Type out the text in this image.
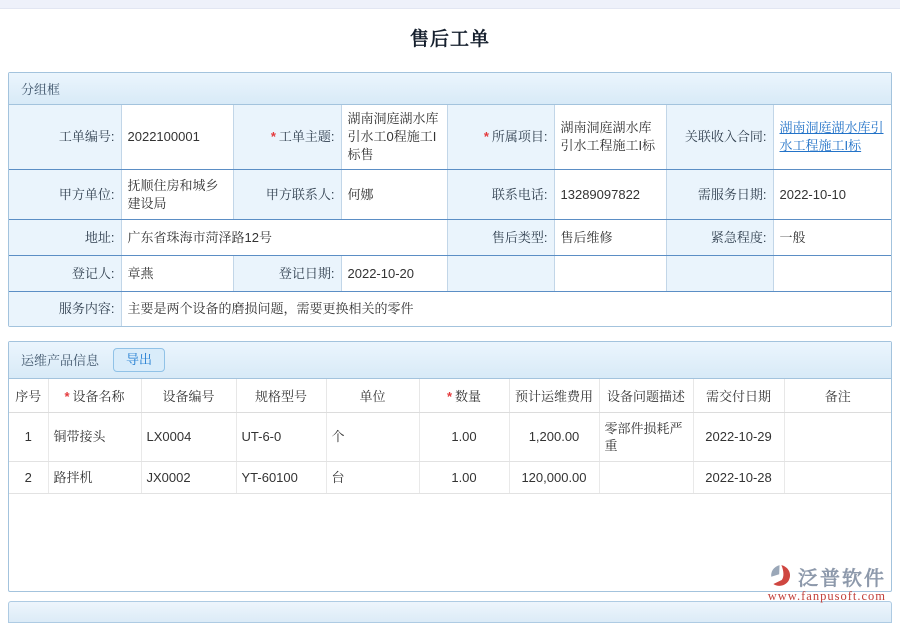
售后工单
分组框
工单编号:	2022100001	* 工单主题:	湖南洞庭湖水库引水工0程施工I标售	* 所属项目:	湖南洞庭湖水库引水工程施工I标	关联收入合同:	湖南洞庭湖水库引水工程施工I标
甲方单位:	抚顺住房和城乡建设局	甲方联系人:	何娜	联系电话:	13289097822	需服务日期:	2022-10-10
地址:	广东省珠海市菏泽路12号			售后类型:	售后维修	紧急程度:	一般
登记人:	章燕	登记日期:	2022-10-20				
服务内容:	主要是两个设备的磨损问题，需要更换相关的零件						
运维产品信息	导出
序号	* 设备名称	设备编号	规格型号	单位	* 数量	预计运维费用	设备问题描述	需交付日期	备注
1	铜带接头	LX0004	UT-6-0	个	1.00	1,200.00	零部件损耗严重	2022-10-29	
2	路拌机	JX0002	YT-60100	台	1.00	120,000.00		2022-10-28	
泛普软件
www.fanpusoft.com
